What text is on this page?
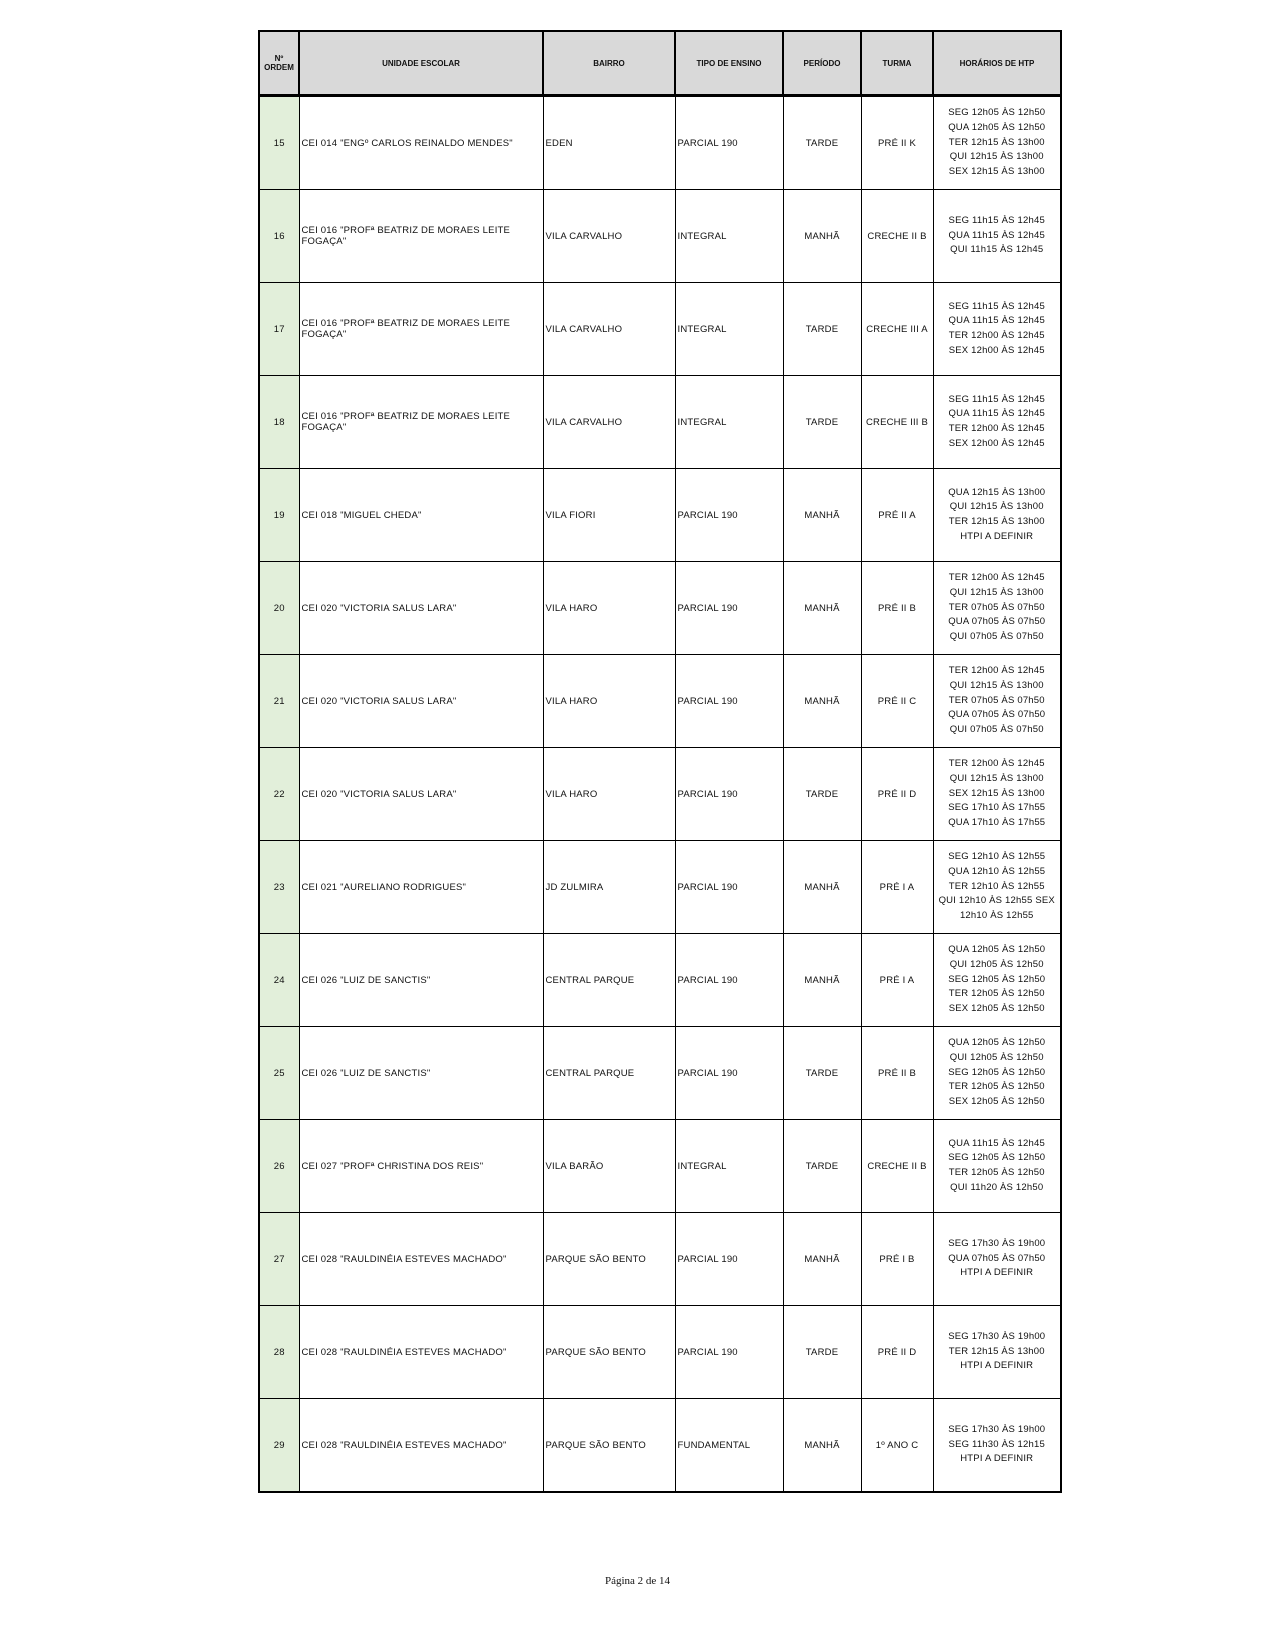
Nº ORDEM	UNIDADE ESCOLAR	BAIRRO	TIPO DE ENSINO	PERÍODO	TURMA	HORÁRIOS DE HTP
15	CEI 014 "ENGº CARLOS REINALDO MENDES"	EDEN	PARCIAL 190	TARDE	PRÉ II K	SEG 12h05 ÀS 12h50
QUA 12h05 ÀS 12h50
TER 12h15 ÀS 13h00
QUI 12h15 ÀS 13h00
SEX 12h15 ÀS 13h00
16	CEI 016 "PROFª BEATRIZ DE MORAES LEITE FOGAÇA"	VILA CARVALHO	INTEGRAL	MANHÃ	CRECHE II B	SEG 11h15 ÀS 12h45
QUA 11h15 ÀS 12h45
QUI 11h15 ÀS 12h45
17	CEI 016 "PROFª BEATRIZ DE MORAES LEITE FOGAÇA"	VILA CARVALHO	INTEGRAL	TARDE	CRECHE III A	SEG 11h15 ÀS 12h45
QUA 11h15 ÀS 12h45
TER 12h00 ÀS 12h45
SEX 12h00 ÀS 12h45
18	CEI 016 "PROFª BEATRIZ DE MORAES LEITE FOGAÇA"	VILA CARVALHO	INTEGRAL	TARDE	CRECHE III B	SEG 11h15 ÀS 12h45
QUA 11h15 ÀS 12h45
TER 12h00 ÀS 12h45
SEX 12h00 ÀS 12h45
19	CEI 018 "MIGUEL CHEDA"	VILA FIORI	PARCIAL 190	MANHÃ	PRÉ II A	QUA 12h15 ÀS 13h00
QUI 12h15 ÀS 13h00
TER 12h15 ÀS 13h00
HTPI A DEFINIR
20	CEI 020 "VICTORIA SALUS LARA"	VILA HARO	PARCIAL 190	MANHÃ	PRÉ II B	TER 12h00 ÀS 12h45
QUI 12h15 ÀS 13h00
TER 07h05 ÀS 07h50
QUA 07h05 ÀS 07h50
QUI 07h05 ÀS 07h50
21	CEI 020 "VICTORIA SALUS LARA"	VILA HARO	PARCIAL 190	MANHÃ	PRÉ II C	TER 12h00 ÀS 12h45
QUI 12h15 ÀS 13h00
TER 07h05 ÀS 07h50
QUA 07h05 ÀS 07h50
QUI 07h05 ÀS 07h50
22	CEI 020 "VICTORIA SALUS LARA"	VILA HARO	PARCIAL 190	TARDE	PRÉ II D	TER 12h00 ÀS 12h45
QUI 12h15 ÀS 13h00
SEX 12h15 ÀS 13h00
SEG 17h10 ÀS 17h55
QUA 17h10 ÀS 17h55
23	CEI 021 "AURELIANO RODRIGUES"	JD ZULMIRA	PARCIAL 190	MANHÃ	PRÉ I A	SEG 12h10 ÀS 12h55
QUA 12h10 ÀS 12h55
TER 12h10 ÀS 12h55
QUI 12h10 ÀS 12h55 SEX 12h10 ÀS 12h55
24	CEI 026 "LUIZ DE SANCTIS"	CENTRAL PARQUE	PARCIAL 190	MANHÃ	PRÉ I A	QUA 12h05 ÀS 12h50
QUI 12h05 ÀS 12h50
SEG 12h05 ÀS 12h50
TER 12h05 ÀS 12h50
SEX 12h05 ÀS 12h50
25	CEI 026 "LUIZ DE SANCTIS"	CENTRAL PARQUE	PARCIAL 190	TARDE	PRÉ II B	QUA 12h05 ÀS 12h50
QUI 12h05 ÀS 12h50
SEG 12h05 ÀS 12h50
TER 12h05 ÀS 12h50
SEX 12h05 ÀS 12h50
26	CEI 027 "PROFª CHRISTINA DOS REIS"	VILA BARÃO	INTEGRAL	TARDE	CRECHE II B	QUA 11h15 ÀS 12h45
SEG 12h05 ÀS 12h50
TER 12h05 ÀS 12h50
QUI 11h20 ÀS 12h50
27	CEI 028 "RAULDINÉIA ESTEVES MACHADO"	PARQUE SÃO BENTO	PARCIAL 190	MANHÃ	PRÉ I B	SEG 17h30 ÀS 19h00
QUA 07h05 ÀS 07h50
HTPI A DEFINIR
28	CEI 028 "RAULDINÉIA ESTEVES MACHADO"	PARQUE SÃO BENTO	PARCIAL 190	TARDE	PRÉ II D	SEG 17h30 ÀS 19h00
TER 12h15 ÀS 13h00
HTPI A DEFINIR
29	CEI 028 "RAULDINÉIA ESTEVES MACHADO"	PARQUE SÃO BENTO	FUNDAMENTAL	MANHÃ	1º ANO C	SEG 17h30 ÀS 19h00
SEG 11h30 ÀS 12h15
HTPI A DEFINIR
Página 2 de 14
